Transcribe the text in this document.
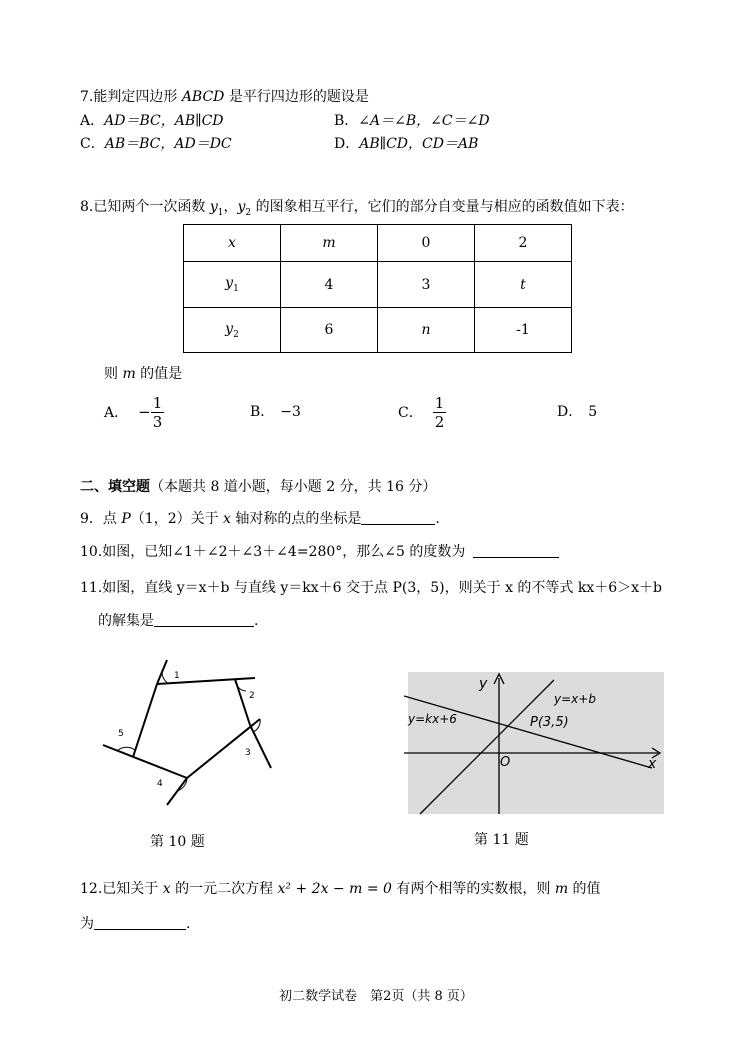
7.能判定四边形 ABCD 是平行四边形的题设是
A．AD＝BC，AB∥CD	B．∠A＝∠B，∠C＝∠D
C．AB＝BC，AD＝DC	D．AB∥CD，CD＝AB
8.已知两个一次函数 $y_1$，$y_2$ 的图象相互平行，它们的部分自变量与相应的函数值如下表：
x	m	0	2
$y_1$	4	3	t
$y_2$	6	n	-1
则 m 的值是
A． − $\frac{1}{3}$	B． −3	C． $\frac{1}{2}$	D． 5
二、填空题（本题共 8 道小题，每小题 2 分，共 16 分）
9．点 P（1，2）关于 x 轴对称的点的坐标是	.
10.如图，已知∠1＋∠2＋∠3＋∠4=280°，那么∠5 的度数为
11.如图，直线 y＝x＋b 与直线 y＝kx＋6 交于点 P(3，5)，则关于 x 的不等式 kx＋6＞x＋b
的解集是	.
1
2
3
4
5
第 10 题
y
x
O
y=x+b
y=kx+6	P(3,5)
第 11 题
12.已知关于 x 的一元二次方程 x² + 2x − m = 0 有两个相等的实数根，则 m 的值
为	.
初二数学试卷　第2页（共 8 页）
